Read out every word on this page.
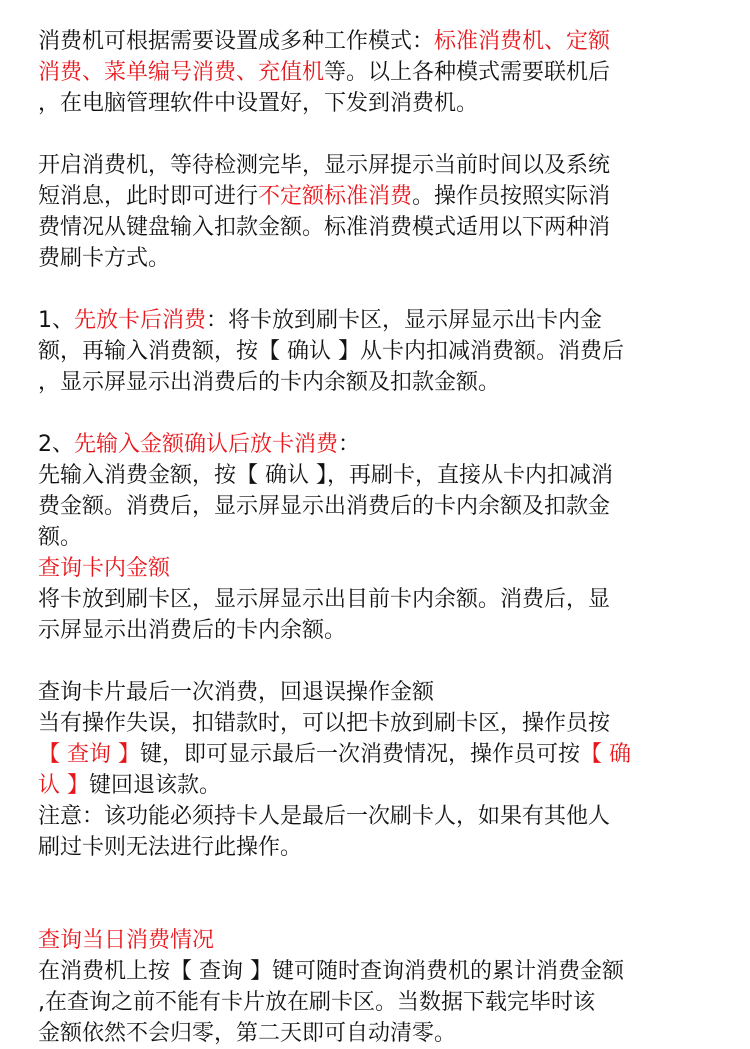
消费机可根据需要设置成多种工作模式：标准消费机、定额
消费、菜单编号消费、充值机等。以上各种模式需要联机后
，在电脑管理软件中设置好，下发到消费机。

开启消费机，等待检测完毕，显示屏提示当前时间以及系统
短消息，此时即可进行不定额标准消费。操作员按照实际消
费情况从键盘输入扣款金额。标准消费模式适用以下两种消
费刷卡方式。

1、先放卡后消费：将卡放到刷卡区，显示屏显示出卡内金
额，再输入消费额，按【 确认 】从卡内扣减消费额。消费后
，显示屏显示出消费后的卡内余额及扣款金额。

2、先输入金额确认后放卡消费：
先输入消费金额，按【 确认 】，再刷卡，直接从卡内扣减消
费金额。消费后，显示屏显示出消费后的卡内余额及扣款金
额。
查询卡内金额
将卡放到刷卡区，显示屏显示出目前卡内余额。消费后，显
示屏显示出消费后的卡内余额。

查询卡片最后一次消费，回退误操作金额
当有操作失误，扣错款时，可以把卡放到刷卡区，操作员按
【 查询 】键，即可显示最后一次消费情况，操作员可按【 确
认 】键回退该款。
注意：该功能必须持卡人是最后一次刷卡人，如果有其他人
刷过卡则无法进行此操作。

查询当日消费情况
在消费机上按【 查询 】键可随时查询消费机的累计消费金额
,在查询之前不能有卡片放在刷卡区。当数据下载完毕时该
金额依然不会归零，第二天即可自动清零。
